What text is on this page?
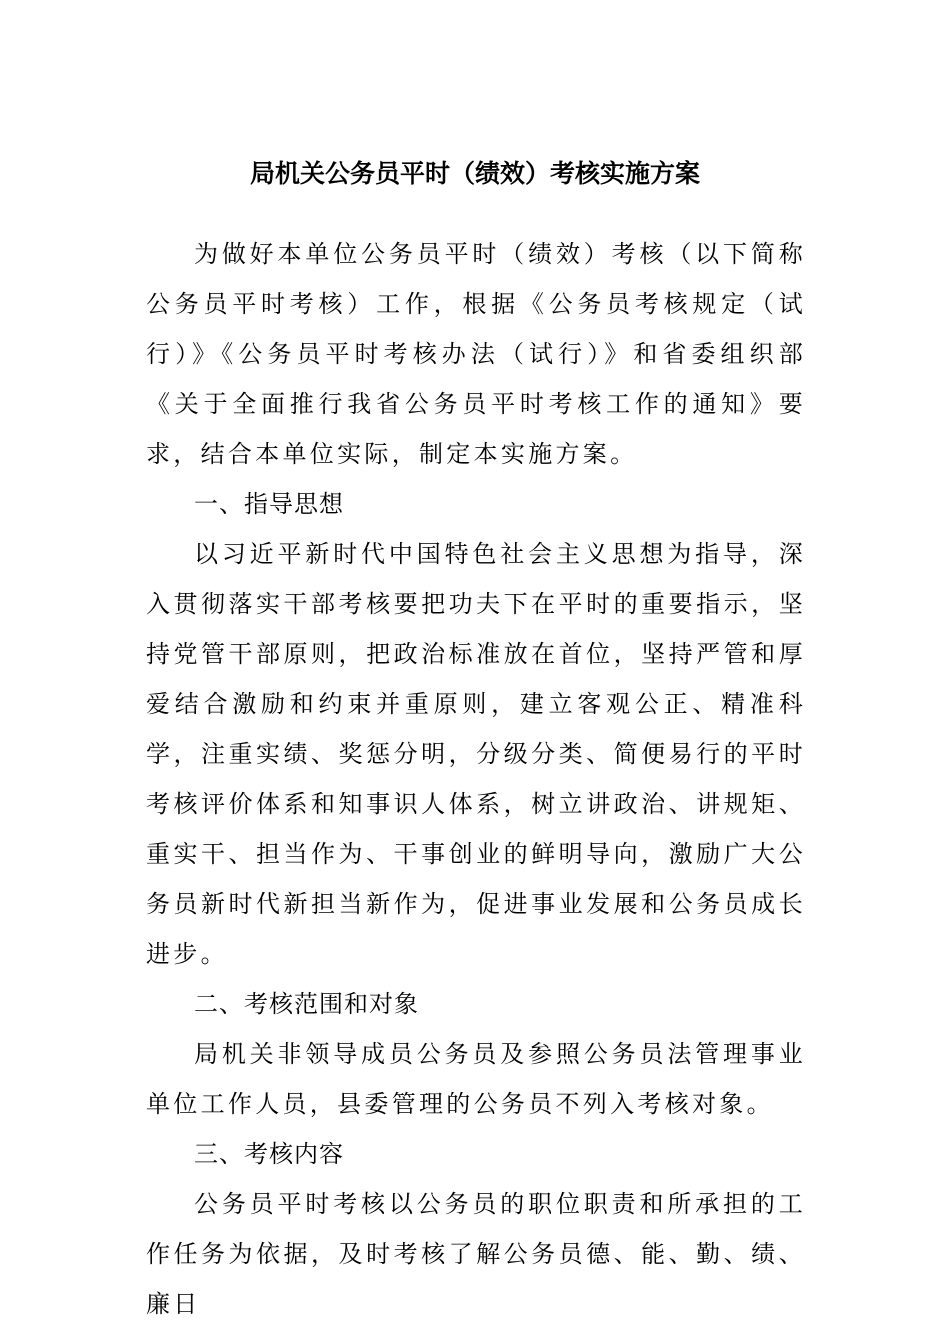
局机关公务员平时（绩效）考核实施方案

为做好本单位公务员平时（绩效）考核（以下简称公务员平时考核）工作，根据《公务员考核规定（试行）》《公务员平时考核办法（试行）》和省委组织部《关于全面推行我省公务员平时考核工作的通知》要求，结合本单位实际，制定本实施方案。

一、指导思想

以习近平新时代中国特色社会主义思想为指导，深入贯彻落实干部考核要把功夫下在平时的重要指示，坚持党管干部原则，把政治标准放在首位，坚持严管和厚爱结合激励和约束并重原则，建立客观公正、精准科学，注重实绩、奖惩分明，分级分类、简便易行的平时考核评价体系和知事识人体系，树立讲政治、讲规矩、重实干、担当作为、干事创业的鲜明导向，激励广大公务员新时代新担当新作为，促进事业发展和公务员成长进步。

二、考核范围和对象

局机关非领导成员公务员及参照公务员法管理事业单位工作人员，县委管理的公务员不列入考核对象。

三、考核内容

公务员平时考核以公务员的职位职责和所承担的工作任务为依据，及时考核了解公务员德、能、勤、绩、廉日
